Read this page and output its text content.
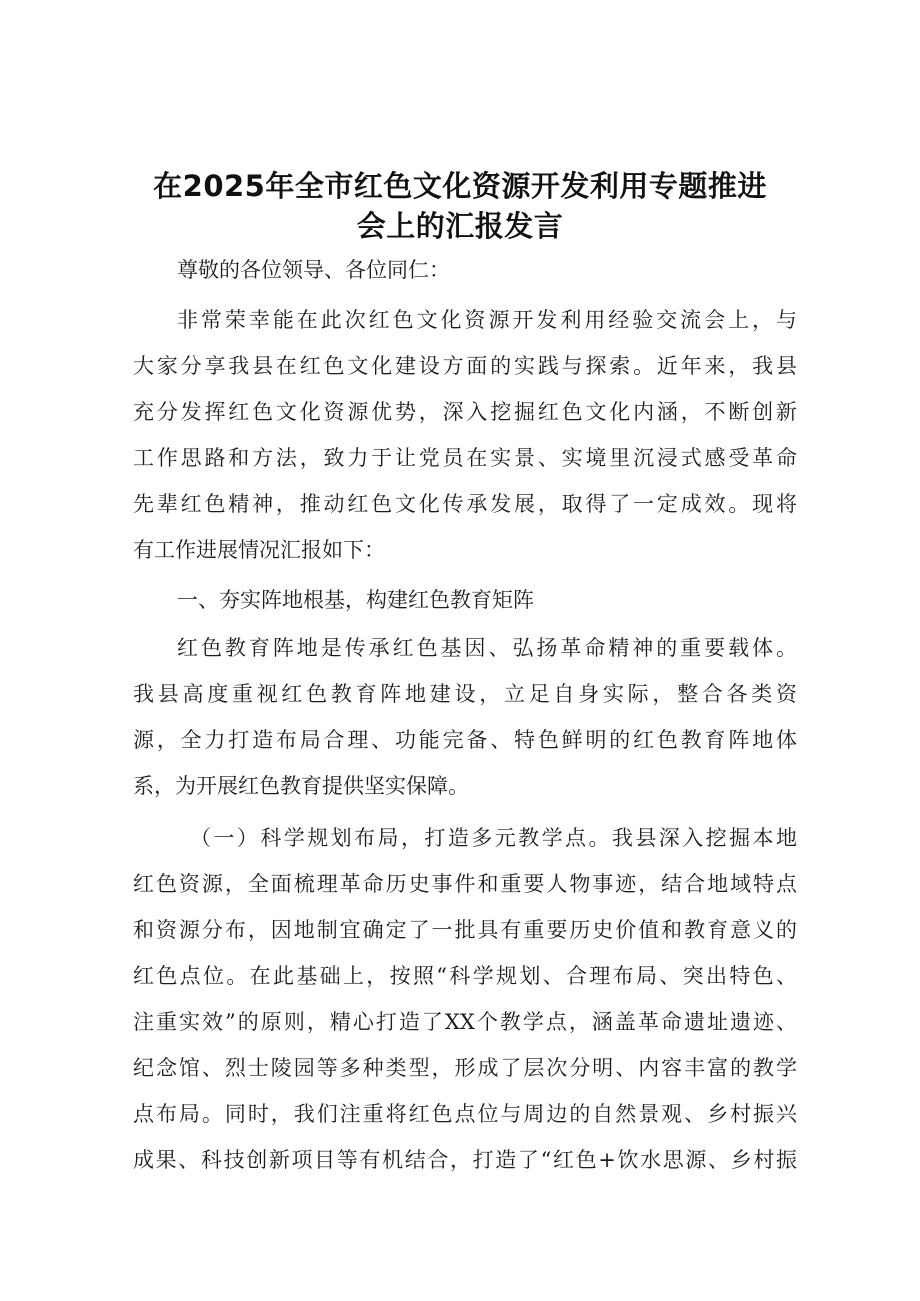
在2025年全市红色文化资源开发利用专题推进
会上的汇报发言
尊敬的各位领导、各位同仁：
非常荣幸能在此次红色文化资源开发利用经验交流会上，与
大家分享我县在红色文化建设方面的实践与探索。近年来，我县
充分发挥红色文化资源优势，深入挖掘红色文化内涵，不断创新
工作思路和方法，致力于让党员在实景、实境里沉浸式感受革命
先辈红色精神，推动红色文化传承发展，取得了一定成效。现将
有工作进展情况汇报如下：
一、夯实阵地根基，构建红色教育矩阵
红色教育阵地是传承红色基因、弘扬革命精神的重要载体。
我县高度重视红色教育阵地建设，立足自身实际，整合各类资
源，全力打造布局合理、功能完备、特色鲜明的红色教育阵地体
系，为开展红色教育提供坚实保障。
（一）科学规划布局，打造多元教学点。我县深入挖掘本地
红色资源，全面梳理革命历史事件和重要人物事迹，结合地域特点
和资源分布，因地制宜确定了一批具有重要历史价值和教育意义的
红色点位。在此基础上，按照“科学规划、合理布局、突出特色、
注重实效”的原则，精心打造了XX个教学点，涵盖革命遗址遗迹、
纪念馆、烈士陵园等多种类型，形成了层次分明、内容丰富的教学
点布局。同时，我们注重将红色点位与周边的自然景观、乡村振兴
成果、科技创新项目等有机结合，打造了“红色+饮水思源、乡村振
